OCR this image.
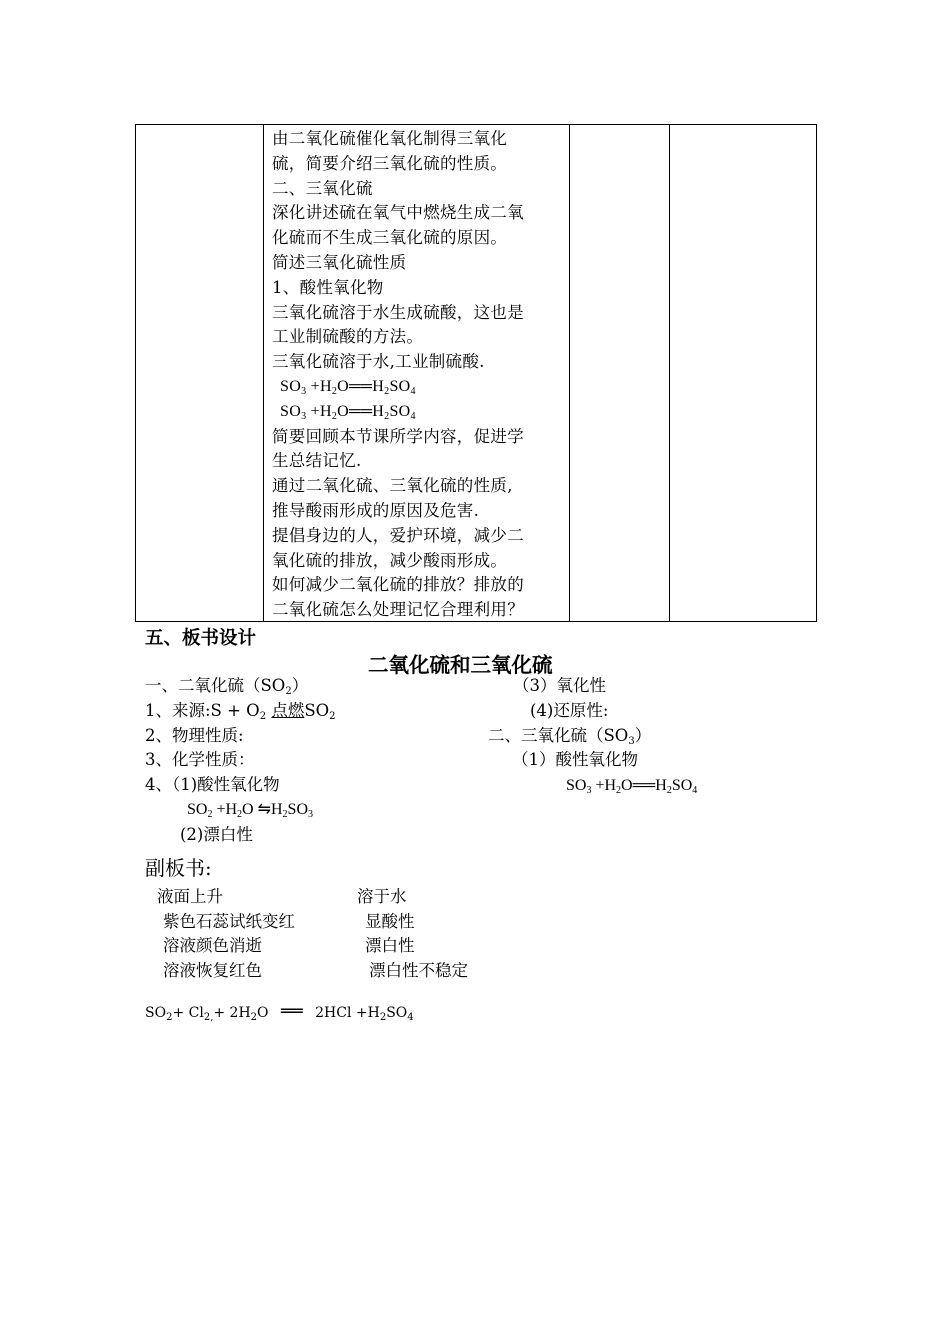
由二氧化硫催化氧化制得三氧化
硫，简要介绍三氧化硫的性质。
二、三氧化硫
深化讲述硫在氧气中燃烧生成二氧
化硫而不生成三氧化硫的原因。
简述三氧化硫性质
1、酸性氧化物
三氧化硫溶于水生成硫酸，这也是
工业制硫酸的方法。
三氧化硫溶于水,工业制硫酸.
$SO_3$ $+H_2O══H_2SO_4$
$SO_3$ $+H_2O══H_2SO_4$
简要回顾本节课所学内容，促进学
生总结记忆.
通过二氧化硫、三氧化硫的性质,
推导酸雨形成的原因及危害.
提倡身边的人，爱护环境，减少二
氧化硫的排放，减少酸雨形成。
如何减少二氧化硫的排放？排放的
二氧化硫怎么处理记忆合理利用？

五、板书设计
二氧化硫和三氧化硫
一、二氧化硫$(SO_2)$
1、来源:S + $O_2$ 点燃$SO_2$
2、物理性质:
3、化学性质：
4、（1)酸性氧化物
$SO_2 +H_2O$ $⇋H_2SO_3$
(2)漂白性
（3）氧化性
(4)还原性:
二、三氧化硫$(SO_3)$
（1）酸性氧化物
$SO_3$ $+H_2O══H_2SO_4$
副板书:
液面上升	溶于水
紫色石蕊试纸变红	显酸性
溶液颜色消逝	漂白性
溶液恢复红色	漂白性不稳定
$SO_2+ Cl_{2,}+ 2H_2O$ ══ $2HCl +H_2SO_4$
